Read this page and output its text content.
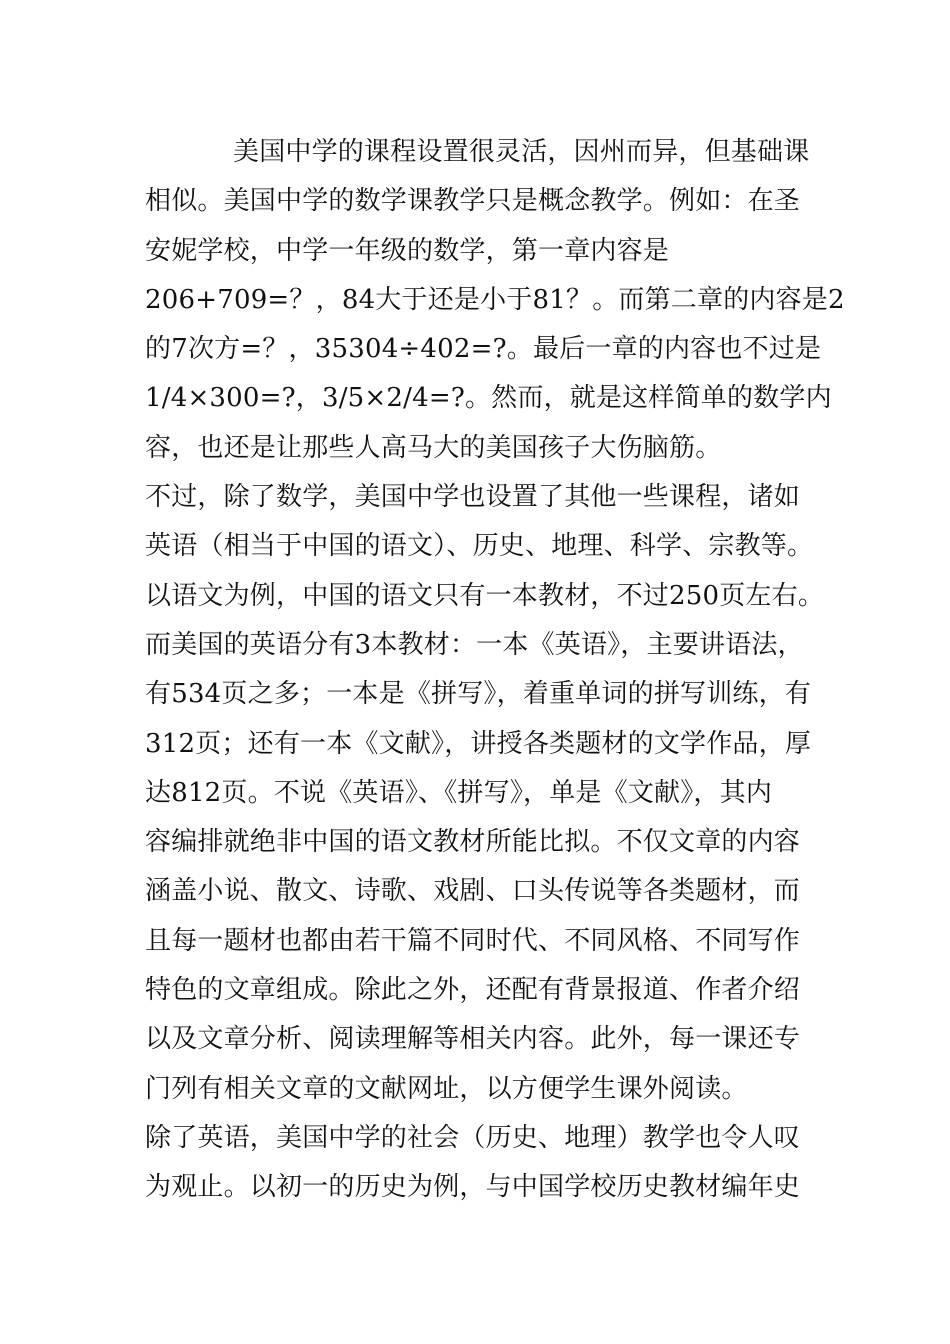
美国中学的课程设置很灵活，因州而异，但基础课
相似。美国中学的数学课教学只是概念教学。例如：在圣
安妮学校，中学一年级的数学，第一章内容是
206+709=？，84大于还是小于81？。而第二章的内容是2
的7次方=？，35304÷402=?。最后一章的内容也不过是
1/4×300=?，3/5×2/4=?。然而，就是这样简单的数学内
容，也还是让那些人高马大的美国孩子大伤脑筋。
不过，除了数学，美国中学也设置了其他一些课程，诸如
英语（相当于中国的语文）、历史、地理、科学、宗教等。
以语文为例，中国的语文只有一本教材，不过250页左右。
而美国的英语分有3本教材：一本《英语》，主要讲语法，
有534页之多；一本是《拼写》，着重单词的拼写训练，有
312页；还有一本《文献》，讲授各类题材的文学作品，厚
达812页。不说《英语》、《拼写》，单是《文献》，其内
容编排就绝非中国的语文教材所能比拟。不仅文章的内容
涵盖小说、散文、诗歌、戏剧、口头传说等各类题材，而
且每一题材也都由若干篇不同时代、不同风格、不同写作
特色的文章组成。除此之外，还配有背景报道、作者介绍
以及文章分析、阅读理解等相关内容。此外，每一课还专
门列有相关文章的文献网址，以方便学生课外阅读。
除了英语，美国中学的社会（历史、地理）教学也令人叹
为观止。以初一的历史为例，与中国学校历史教材编年史
